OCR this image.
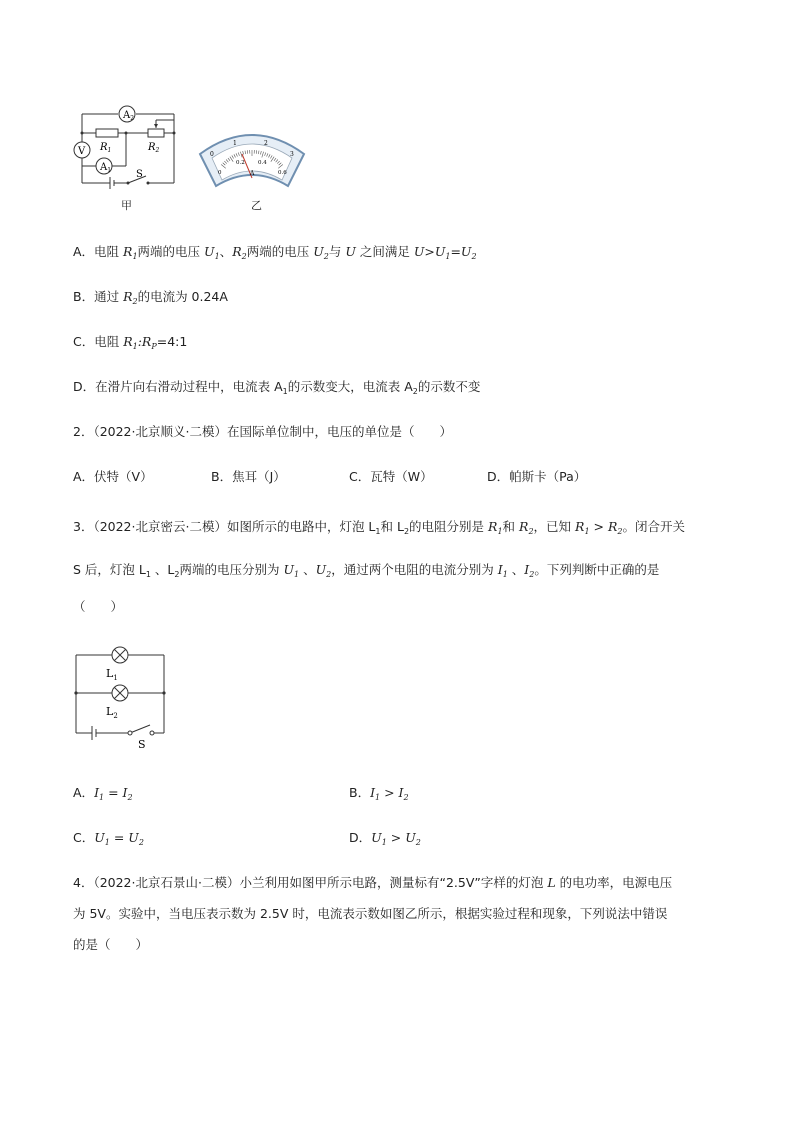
$A_2$
V
$A_1$
$R_1$	$R_2$
S
甲
0
1	2
3
0
0.2 0.4
0.6
A
乙
A．电阻 $R_1$两端的电压 $U_1$、$R_2$两端的电压 $U_2$与 U 之间满足 $U>U_1=U_2$
B．通过 $R_2$的电流为 0.24A
C．电阻 $R_1:R_P=4:1$
D．在滑片向右滑动过程中，电流表 $A_1$的示数变大，电流表 $A_2$的示数不变
2．（2022·北京顺义·二模）在国际单位制中，电压的单位是（　　）
A．伏特（V）	B．焦耳（J）	C．瓦特（W）	D．帕斯卡（Pa）
3．（2022·北京密云·二模）如图所示的电路中，灯泡 $L_1$和 $L_2$的电阻分别是 $R_1$和 $R_2$，已知 $R_1 > R_2$。闭合开关
S 后，灯泡 $L_1$ 、$L_2$两端的电压分别为 $U_1$ 、$U_2$，通过两个电阻的电流分别为 $I_1$ 、$I_2$。下列判断中正确的是
（　　）
$L_1$
$L_2$
S
A．$I_1 = I_2$	B．$I_1 > I_2$
C．$U_1 = U_2$	D．$U_1 > U_2$
4．（2022·北京石景山·二模）小兰利用如图甲所示电路，测量标有“2.5V”字样的灯泡 L 的电功率，电源电压
为 5V。实验中，当电压表示数为 2.5V 时，电流表示数如图乙所示，根据实验过程和现象，下列说法中错误
的是（　　）
